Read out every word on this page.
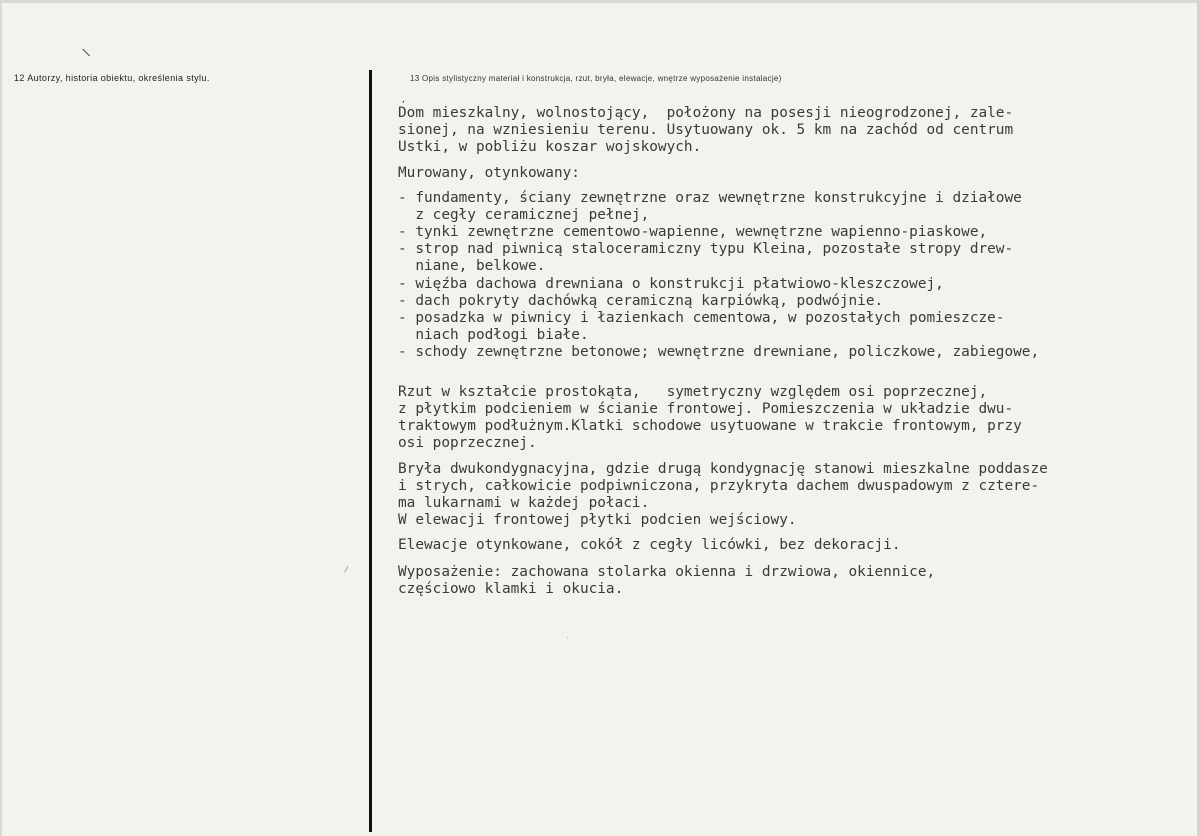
\
12 Autorzy, historia obiektu, określenia stylu.	13 Opis stylistyczny materiał i konstrukcja, rzut, bryła, elewacje, wnętrze wyposażenie instalacje)
,
/
'
Dom mieszkalny, wolnostojący,  położony na posesji nieogrodzonej, zale-
sionej, na wzniesieniu terenu. Usytuowany ok. 5 km na zachód od centrum
Ustki, w pobliżu koszar wojskowych.
Murowany, otynkowany:
- fundamenty, ściany zewnętrzne oraz wewnętrzne konstrukcyjne i działowe
z cegły ceramicznej pełnej,
- tynki zewnętrzne cementowo-wapienne, wewnętrzne wapienno-piaskowe,
- strop nad piwnicą staloceramiczny typu Kleina, pozostałe stropy drew-
niane, belkowe.
- więźba dachowa drewniana o konstrukcji płatwiowo-kleszczowej,
- dach pokryty dachówką ceramiczną karpiówką, podwójnie.
- posadzka w piwnicy i łazienkach cementowa, w pozostałych pomieszcze-
niach podłogi białe.
- schody zewnętrzne betonowe; wewnętrzne drewniane, policzkowe, zabiegowe,
Rzut w kształcie prostokąta,   symetryczny względem osi poprzecznej,
z płytkim podcieniem w ścianie frontowej. Pomieszczenia w układzie dwu-
traktowym podłużnym.Klatki schodowe usytuowane w trakcie frontowym, przy
osi poprzecznej.
Bryła dwukondygnacyjna, gdzie drugą kondygnację stanowi mieszkalne poddasze
i strych, całkowicie podpiwniczona, przykryta dachem dwuspadowym z cztere-
ma lukarnami w każdej połaci.
W elewacji frontowej płytki podcien wejściowy.
Elewacje otynkowane, cokół z cegły licówki, bez dekoracji.
Wyposażenie: zachowana stolarka okienna i drzwiowa, okiennice,
częściowo klamki i okucia.
